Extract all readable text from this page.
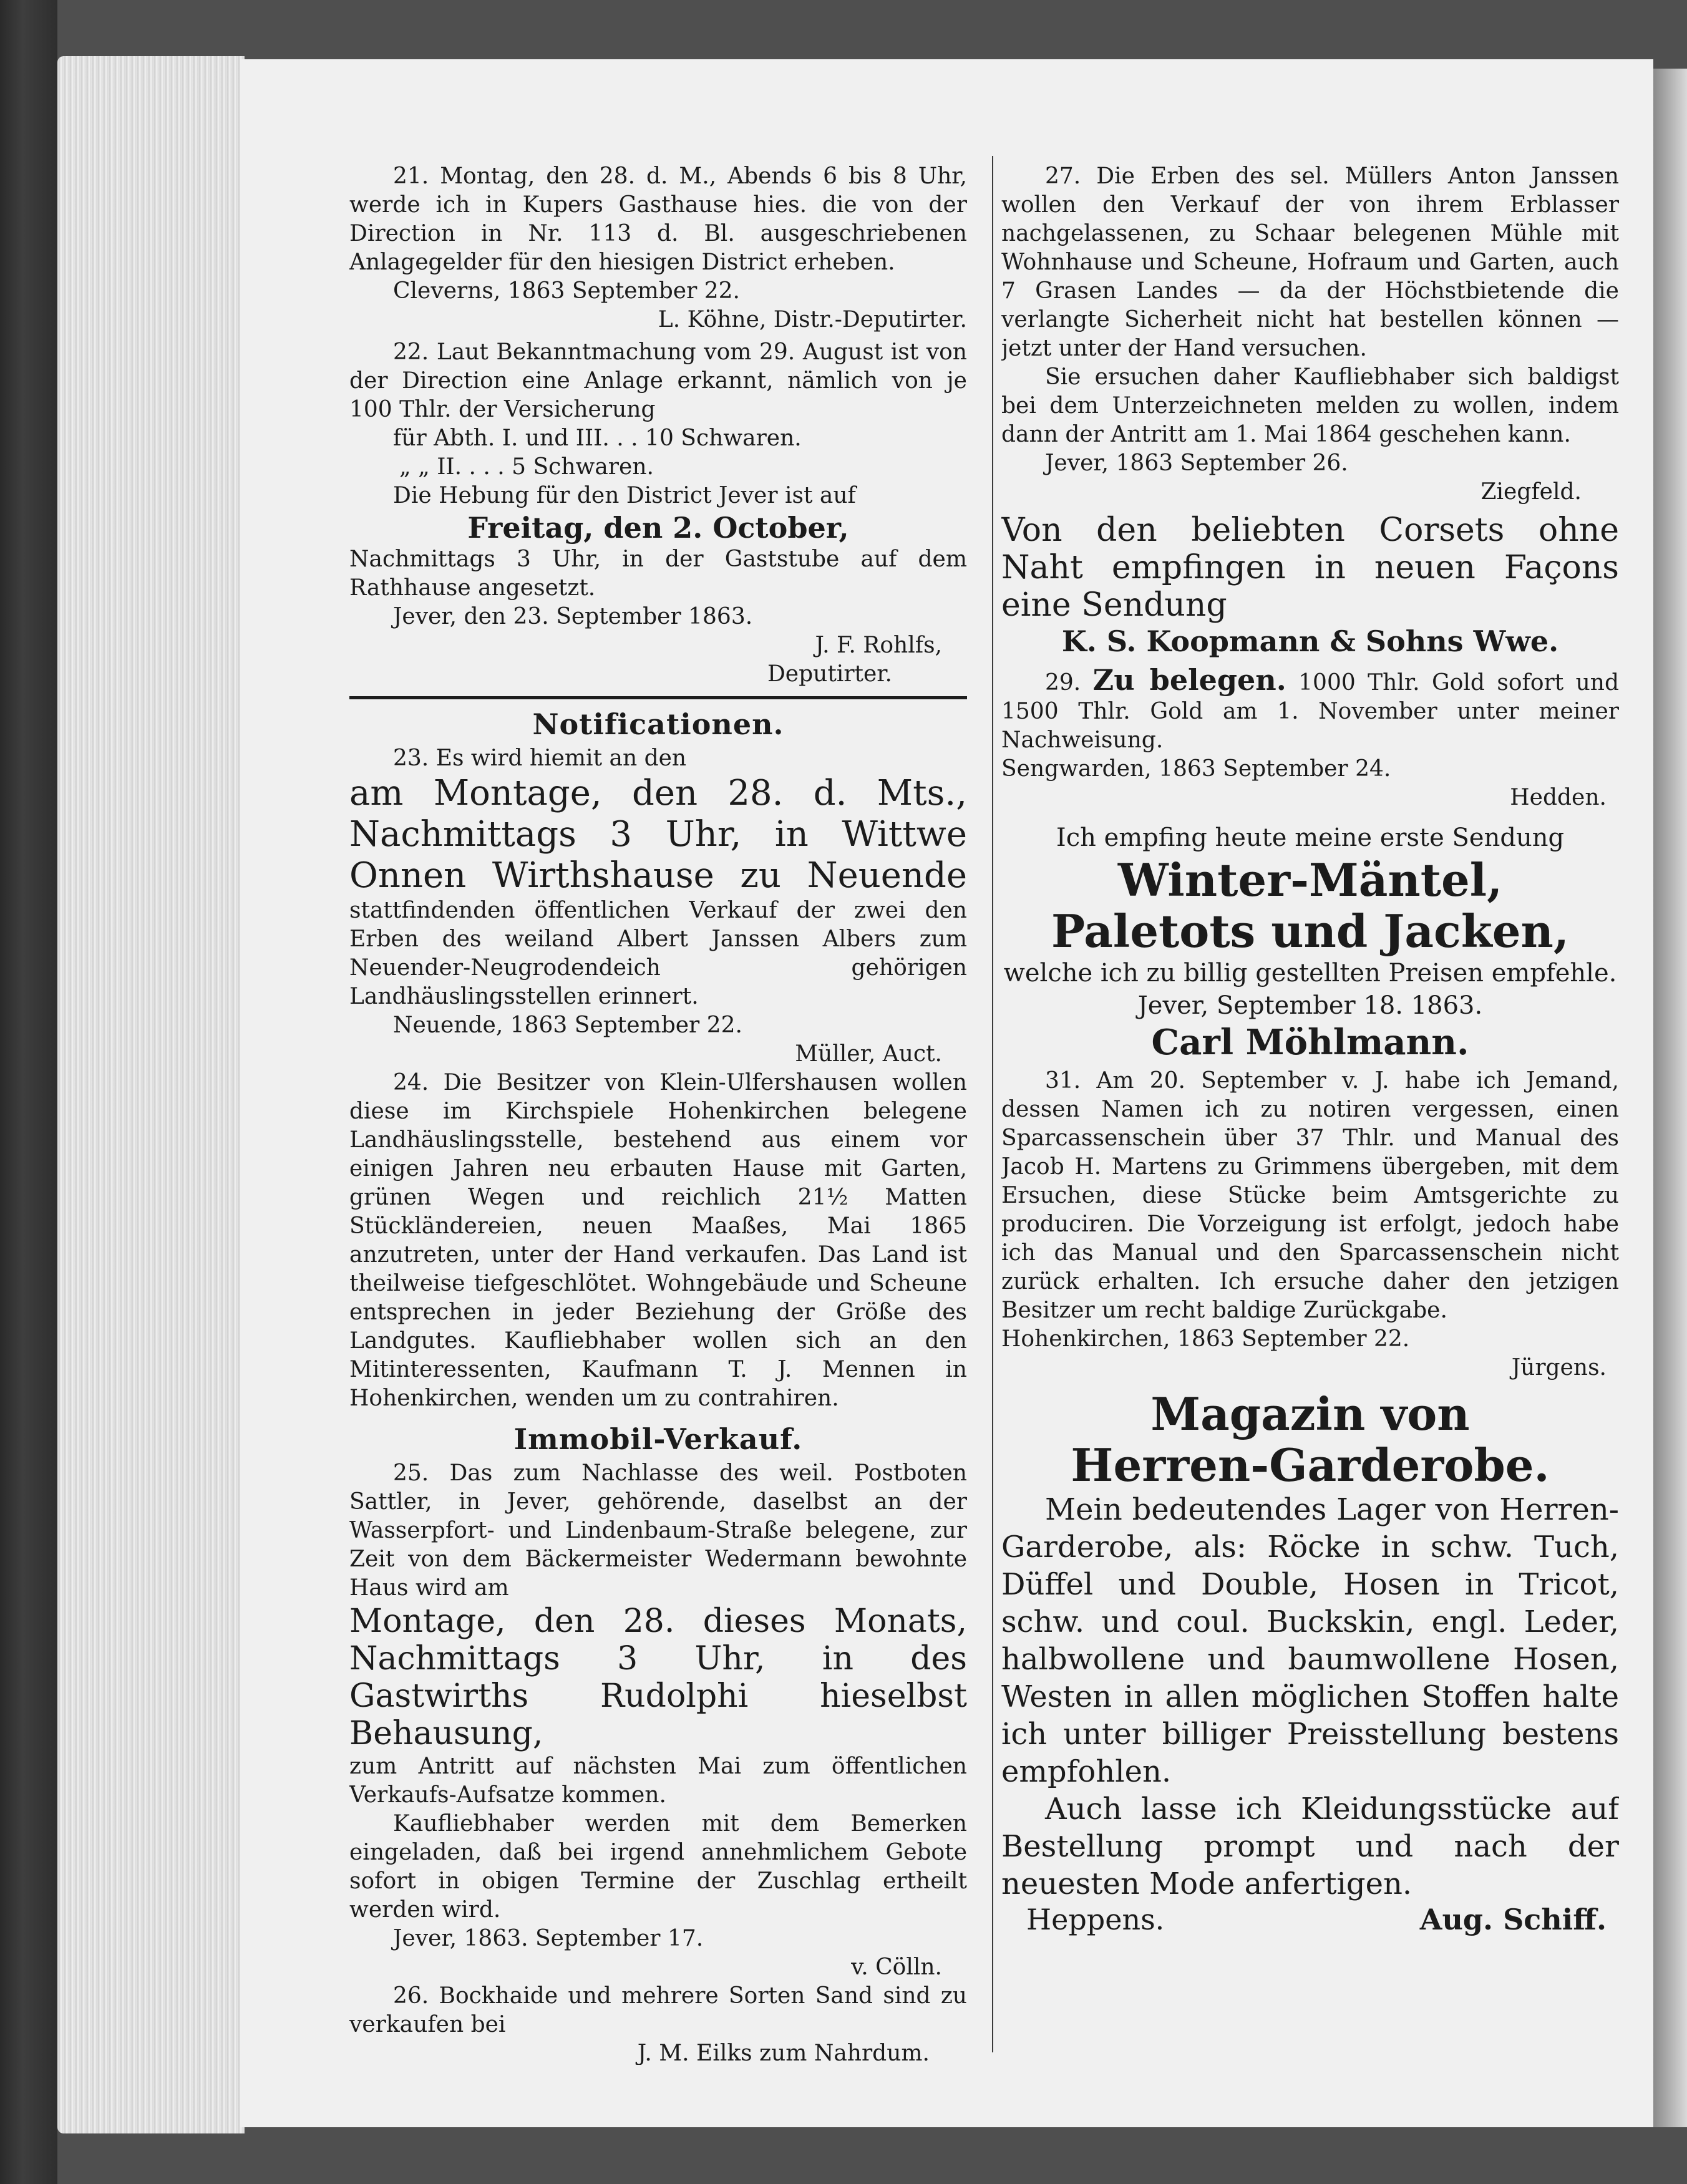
21. Montag, den 28. d. M., Abends 6 bis 8 Uhr, werde ich in Kupers Gasthause hies. die von der Direction in Nr. 113 d. Bl. ausgeschriebenen Anlagegelder für den hiesigen District erheben.

Cleverns, 1863 September 22.

L. Köhne, Distr.-Deputirter.

22. Laut Bekanntmachung vom 29. August ist von der Direction eine Anlage erkannt, nämlich von je 100 Thlr. der Versicherung

für Abth. I. und III. . . 10 Schwaren.

„ „ II. . . . 5 Schwaren.

Die Hebung für den District Jever ist auf

Freitag, den 2. October,

Nachmittags 3 Uhr, in der Gaststube auf dem Rathhause angesetzt.

Jever, den 23. September 1863.

J. F. Rohlfs,

Deputirter.

Notificationen.

23. Es wird hiemit an den

am Montage, den 28. d. Mts.,

Nachmittags 3 Uhr, in Wittwe

Onnen Wirthshause zu Neuende

stattfindenden öffentlichen Verkauf der zwei den Erben des weiland Albert Janssen Albers zum Neuender-Neugrodendeich gehörigen Landhäuslingsstellen erinnert.

Neuende, 1863 September 22.

Müller, Auct.

24. Die Besitzer von Klein-Ulfershausen wollen diese im Kirchspiele Hohenkirchen belegene Landhäuslingsstelle, bestehend aus einem vor einigen Jahren neu erbauten Hause mit Garten, grünen Wegen und reichlich 21½ Matten Stückländereien, neuen Maaßes, Mai 1865 anzutreten, unter der Hand verkaufen. Das Land ist theilweise tiefgeschlötet. Wohngebäude und Scheune entsprechen in jeder Beziehung der Größe des Landgutes. Kaufliebhaber wollen sich an den Mitinteressenten, Kaufmann T. J. Mennen in Hohenkirchen, wenden um zu contrahiren.

Immobil-Verkauf.

25. Das zum Nachlasse des weil. Postboten Sattler, in Jever, gehörende, daselbst an der Wasserpfort- und Lindenbaum-Straße belegene, zur Zeit von dem Bäckermeister Wedermann bewohnte Haus wird am

Montage, den 28. dieses Monats,

Nachmittags 3 Uhr, in des Gastwirths Rudolphi hieselbst Behausung,

zum Antritt auf nächsten Mai zum öffentlichen Verkaufs-Aufsatze kommen.

Kaufliebhaber werden mit dem Bemerken eingeladen, daß bei irgend annehmlichem Gebote sofort in obigen Termine der Zuschlag ertheilt werden wird.

Jever, 1863. September 17.

v. Cölln.

26. Bockhaide und mehrere Sorten Sand sind zu verkaufen bei

J. M. Eilks zum Nahrdum.

27. Die Erben des sel. Müllers Anton Janssen wollen den Verkauf der von ihrem Erblasser nachgelassenen, zu Schaar belegenen Mühle mit Wohnhause und Scheune, Hofraum und Garten, auch 7 Grasen Landes — da der Höchstbietende die verlangte Sicherheit nicht hat bestellen können — jetzt unter der Hand versuchen.

Sie ersuchen daher Kaufliebhaber sich baldigst bei dem Unterzeichneten melden zu wollen, indem dann der Antritt am 1. Mai 1864 geschehen kann.

Jever, 1863 September 26.

Ziegfeld.

Von den beliebten Corsets ohne

Naht empfingen in neuen Façons

eine Sendung

K. S. Koopmann & Sohns Wwe.

29. Zu belegen. 1000 Thlr. Gold sofort und 1500 Thlr. Gold am 1. November unter meiner Nachweisung.

Sengwarden, 1863 September 24.

Hedden.

Ich empfing heute meine erste Sendung

Winter-Mäntel,

Paletots und Jacken,

welche ich zu billig gestellten Preisen empfehle.

Jever, September 18. 1863.

Carl Möhlmann.

31. Am 20. September v. J. habe ich Jemand, dessen Namen ich zu notiren vergessen, einen Sparcassenschein über 37 Thlr. und Manual des Jacob H. Martens zu Grimmens übergeben, mit dem Ersuchen, diese Stücke beim Amtsgerichte zu produciren. Die Vorzeigung ist erfolgt, jedoch habe ich das Manual und den Sparcassenschein nicht zurück erhalten. Ich ersuche daher den jetzigen Besitzer um recht baldige Zurückgabe.

Hohenkirchen, 1863 September 22.

Jürgens.

Magazin von

Herren-Garderobe.

Mein bedeutendes Lager von Herren-Garderobe, als: Röcke in schw. Tuch, Düffel und Double, Hosen in Tricot, schw. und coul. Buckskin, engl. Leder, halbwollene und baumwollene Hosen, Westen in allen möglichen Stoffen halte ich unter billiger Preisstellung bestens empfohlen.

Auch lasse ich Kleidungsstücke auf Bestellung prompt und nach der neuesten Mode anfertigen.

Heppens.	Aug. Schiff.
